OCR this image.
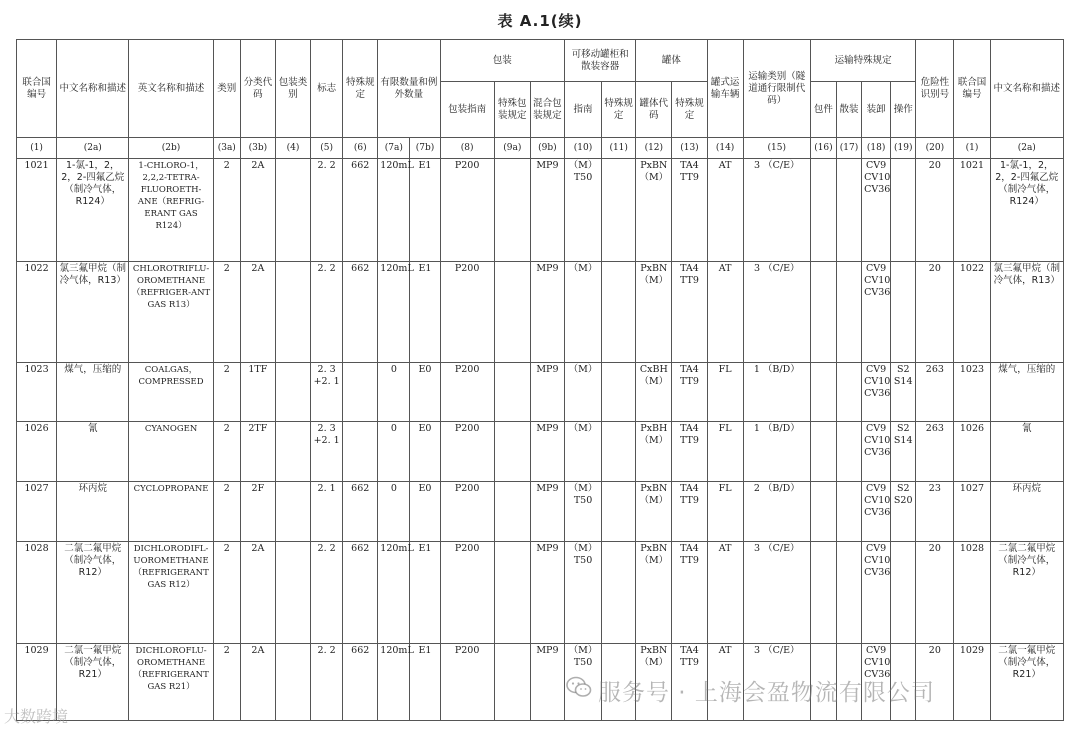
表 A.1(续)
联合国编号	中文名称和描述	英文名称和描述	类别	分类代码	包装类别	标志	特殊规定	有限数量和例外数量		包装			可移动罐柜和散装容器		罐体		罐式运输车辆	运输类别（隧道通行限制代码）	运输特殊规定				危险性识别号	联合国编号	中文名称和描述
										包装指南	特殊包装规定	混合包装规定	指南	特殊规定	罐体代码	特殊规定			包件	散装	装卸	操作			
(1)	(2a)	(2b)	(3a)	(3b)	(4)	(5)	(6)	(7a)	(7b)	(8)	(9a)	(9b)	(10)	(11)	(12)	(13)	(14)	(15)	(16)	(17)	(18)	(19)	(20)	(1)	(2a)
1021	1-氯-1，2，2，2-四氟乙烷（制冷气体，R124）	1-CHLORO-1，2,2,2-TETRA-FLUOROETH-ANE（REFRIG-ERANT GAS R124）	2	2A		2. 2	662	120mL	E1	P200		MP9	（M） T50		PxBN （M）	TA4 TT9	AT	3 （C/E）			CV9 CV10 CV36		20	1021	1-氯-1，2，2，2-四氟乙烷（制冷气体，R124）
1022	氯三氟甲烷（制冷气体，R13）	CHLOROTRIFLU-OROMETHANE（REFRIGER-ANT GAS R13）	2	2A		2. 2	662	120mL	E1	P200		MP9	（M）		PxBN （M）	TA4 TT9	AT	3 （C/E）			CV9 CV10 CV36		20	1022	氯三氟甲烷（制冷气体，R13）
1023	煤气，压缩的	COALGAS，COMPRESSED	2	1TF		2. 3 +2. 1		0	E0	P200		MP9	（M）		CxBH （M）	TA4 TT9	FL	1 （B/D）			CV9 CV10 CV36	S2 S14	263	1023	煤气，压缩的
1026	氰	CYANOGEN	2	2TF		2. 3 +2. 1		0	E0	P200		MP9	（M）		PxBH （M）	TA4 TT9	FL	1 （B/D）			CV9 CV10 CV36	S2 S14	263	1026	氰
1027	环丙烷	CYCLOPROPANE	2	2F		2. 1	662	0	E0	P200		MP9	（M） T50		PxBN （M）	TA4 TT9	FL	2 （B/D）			CV9 CV10 CV36	S2 S20	23	1027	环丙烷
1028	二氯二氟甲烷（制冷气体，R12）	DICHLORODIFL-UOROMETHANE（REFRIGERANT GAS R12）	2	2A		2. 2	662	120mL	E1	P200		MP9	（M） T50		PxBN （M）	TA4 TT9	AT	3 （C/E）			CV9 CV10 CV36		20	1028	二氯二氟甲烷（制冷气体，R12）
1029	二氯一氟甲烷（制冷气体，R21）	DICHLOROFLU-OROMETHANE（REFRIGERANT GAS R21）	2	2A		2. 2	662	120mL	E1	P200		MP9	（M） T50		PxBN （M）	TA4 TT9	AT	3 （C/E）			CV9 CV10 CV36		20	1029	二氯一氟甲烷（制冷气体，R21）
服务号 · 上海会盈物流有限公司
大数跨境
